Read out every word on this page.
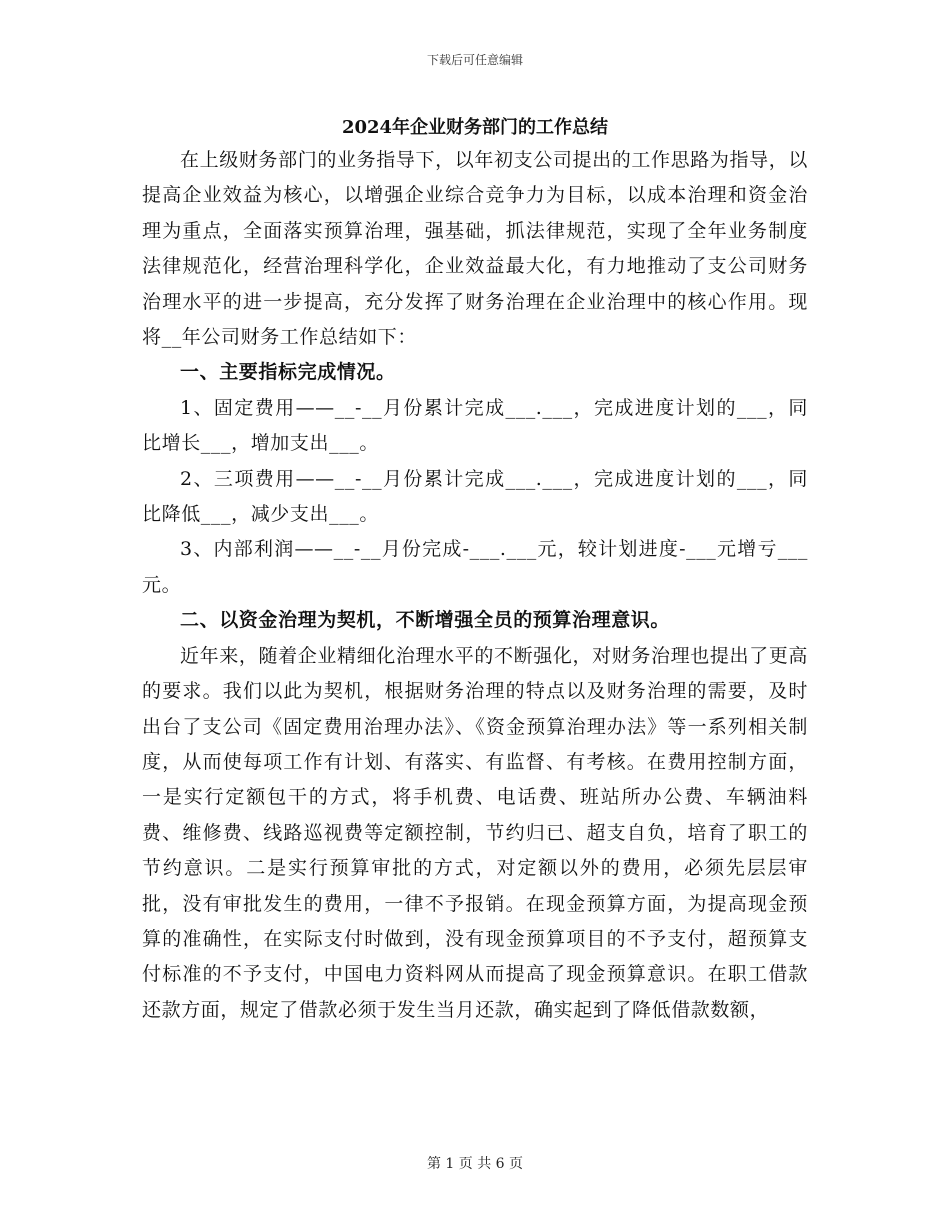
下载后可任意编辑
2024年企业财务部门的工作总结

在上级财务部门的业务指导下，以年初支公司提出的工作思路为指导，以提高企业效益为核心，以增强企业综合竞争力为目标，以成本治理和资金治理为重点，全面落实预算治理，强基础，抓法律规范，实现了全年业务制度法律规范化，经营治理科学化，企业效益最大化，有力地推动了支公司财务治理水平的进一步提高，充分发挥了财务治理在企业治理中的核心作用。现将__年公司财务工作总结如下：

一、主要指标完成情况。

1、固定费用——__-__月份累计完成___.___，完成进度计划的___，同比增长___，增加支出___。

2、三项费用——__-__月份累计完成___.___，完成进度计划的___，同比降低___，减少支出___。

3、内部利润——__-__月份完成-___.___元，较计划进度-___元增亏___元。

二、以资金治理为契机，不断增强全员的预算治理意识。

近年来，随着企业精细化治理水平的不断强化，对财务治理也提出了更高的要求。我们以此为契机，根据财务治理的特点以及财务治理的需要，及时出台了支公司《固定费用治理办法》、《资金预算治理办法》等一系列相关制度，从而使每项工作有计划、有落实、有监督、有考核。在费用控制方面，一是实行定额包干的方式，将手机费、电话费、班站所办公费、车辆油料费、维修费、线路巡视费等定额控制，节约归已、超支自负，培育了职工的节约意识。二是实行预算审批的方式，对定额以外的费用，必须先层层审批，没有审批发生的费用，一律不予报销。在现金预算方面，为提高现金预算的准确性，在实际支付时做到，没有现金预算项目的不予支付，超预算支付标准的不予支付，中国电力资料网从而提高了现金预算意识。在职工借款还款方面，规定了借款必须于发生当月还款，确实起到了降低借款数额，

第 1 页 共 6 页
